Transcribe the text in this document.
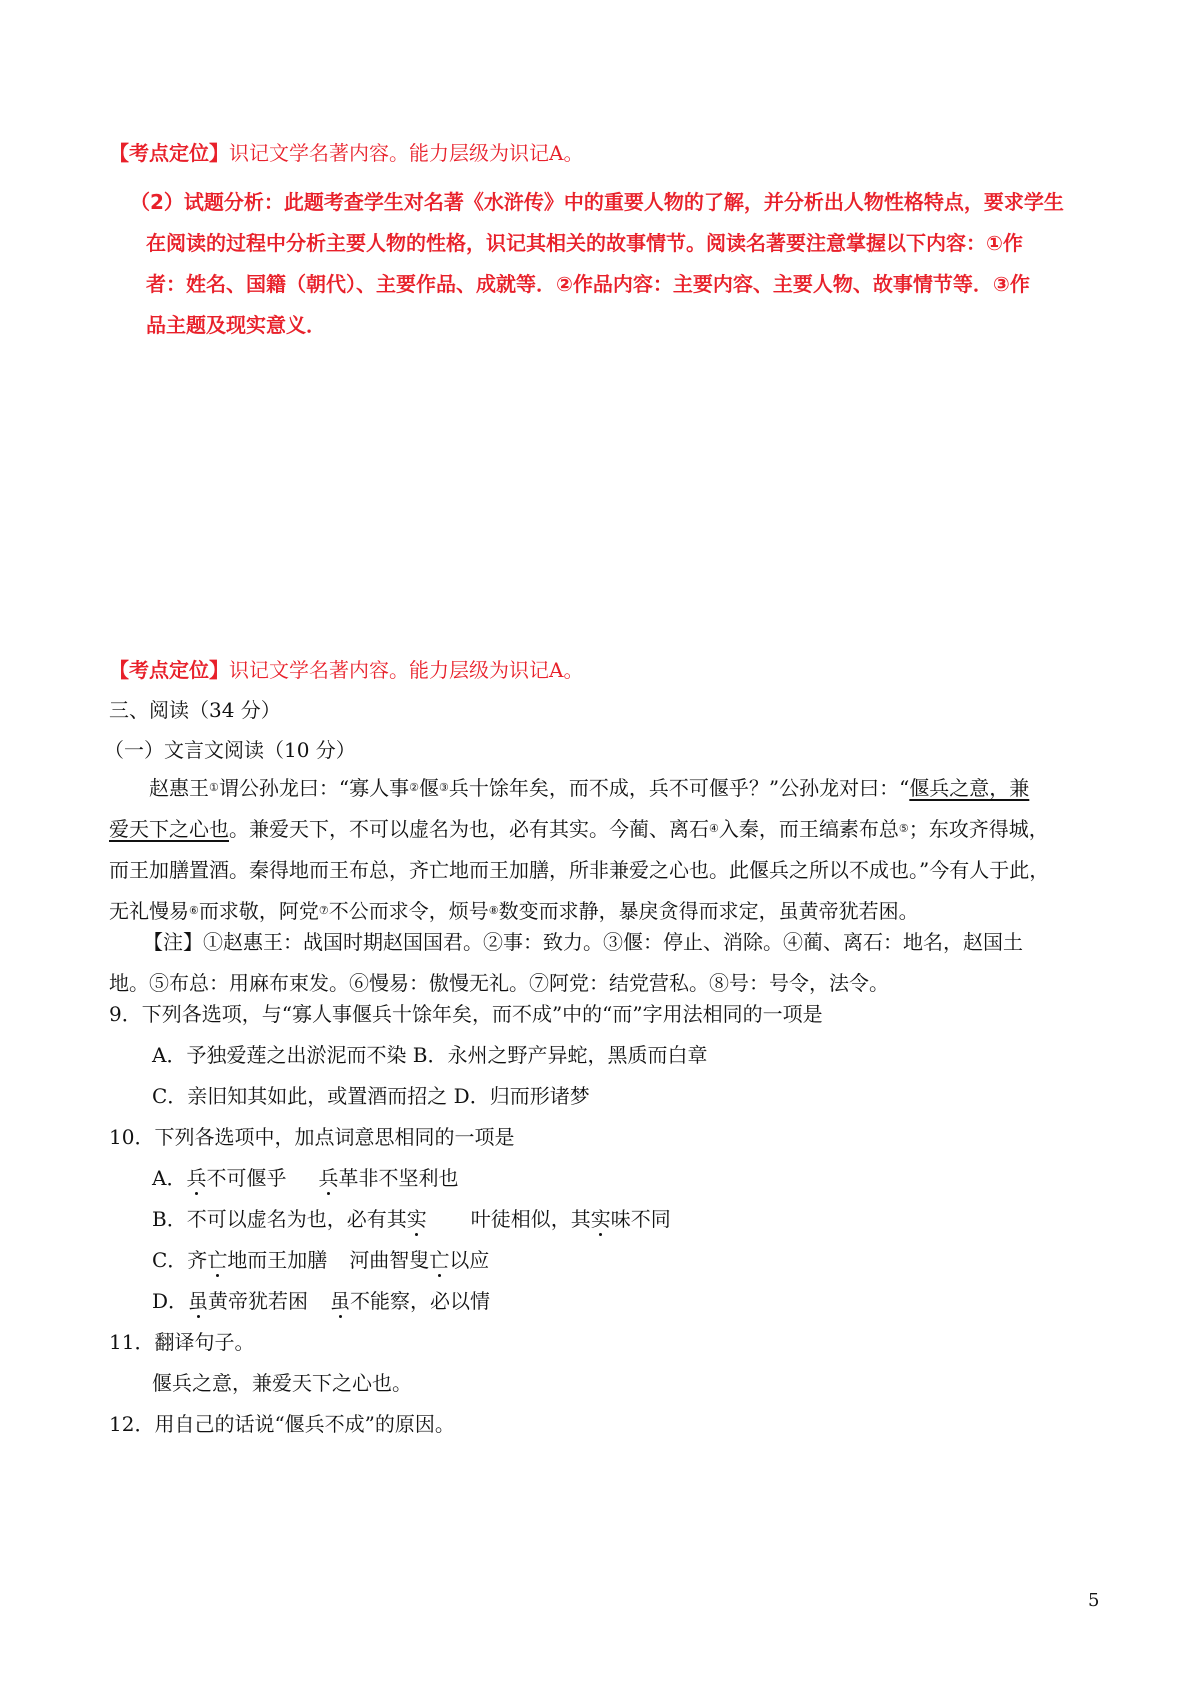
【考点定位】识记文学名著内容。能力层级为识记A。
（2）试题分析：此题考查学生对名著《水浒传》中的重要人物的了解，并分析出人物性格特点，要求学生
在阅读的过程中分析主要人物的性格，识记其相关的故事情节。阅读名著要注意掌握以下内容：①作
者：姓名、国籍（朝代）、主要作品、成就等．②作品内容：主要内容、主要人物、故事情节等．③作
品主题及现实意义．
【考点定位】识记文学名著内容。能力层级为识记A。
三、阅读（34 分）
（一）文言文阅读（10 分）
赵惠王①谓公孙龙曰：“寡人事②偃③兵十馀年矣，而不成，兵不可偃乎？”公孙龙对曰：“偃兵之意，兼
爱天下之心也。兼爱天下，不可以虚名为也，必有其实。今蔺、离石④入秦，而王缟素布总⑤；东攻齐得城，
而王加膳置酒。秦得地而王布总，齐亡地而王加膳，所非兼爱之心也。此偃兵之所以不成也。”今有人于此，
无礼慢易⑥而求敬，阿党⑦不公而求令，烦号⑧数变而求静，暴戾贪得而求定，虽黄帝犹若困。
【注】①赵惠王：战国时期赵国国君。②事：致力。③偃：停止、消除。④蔺、离石：地名，赵国土
地。⑤布总：用麻布束发。⑥慢易：傲慢无礼。⑦阿党：结党营私。⑧号：号令，法令。
9．下列各选项，与“寡人事偃兵十馀年矣，而不成”中的“而”字用法相同的一项是
A．予独爱莲之出淤泥而不染 B．永州之野产异蛇，黑质而白章
C．亲旧知其如此，或置酒而招之 D．归而形诸梦
10．下列各选项中，加点词意思相同的一项是
A．兵不可偃乎 兵革非不坚利也
B．不可以虚名为也，必有其实 叶徒相似，其实味不同
C．齐亡地而王加膳 河曲智叟亡以应
D．虽黄帝犹若困 虽不能察，必以情
11．翻译句子。
偃兵之意，兼爱天下之心也。
12．用自己的话说“偃兵不成”的原因。
5
